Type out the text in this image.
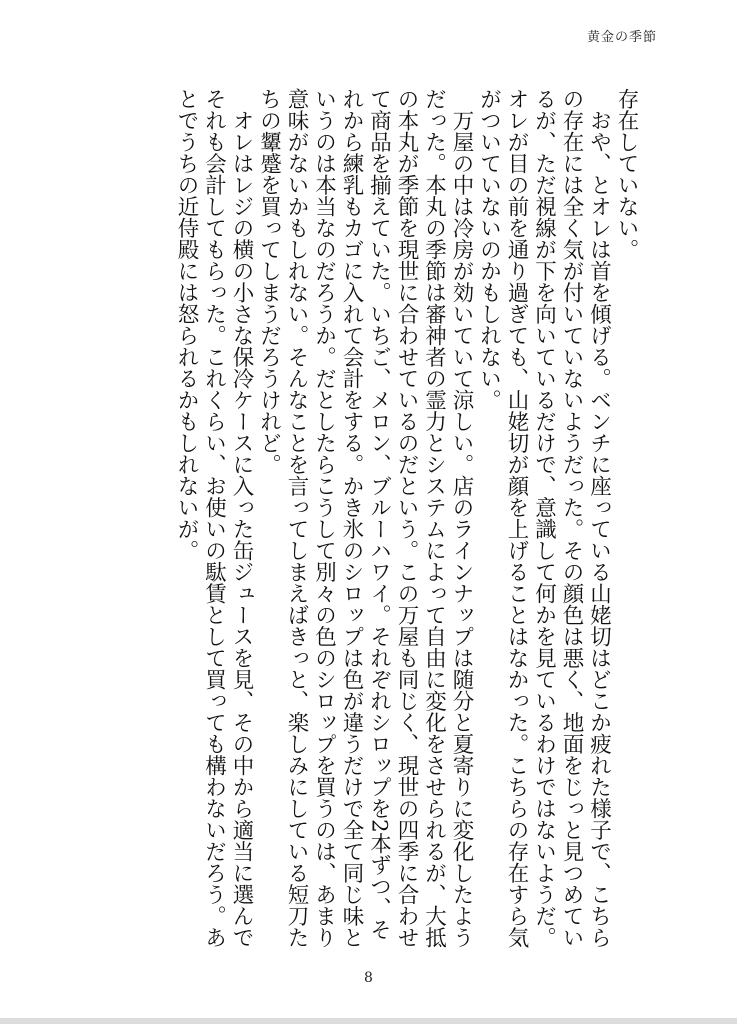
黄金の季節

存在していない。

　おや、とオレは首を傾げる。ベンチに座っている山姥切はどこか疲れた様子で、こちらの存在には全く気が付いていないようだった。その顔色は悪く、地面をじっと見つめているが、ただ視線が下を向いているだけで、意識して何かを見ているわけではないようだ。オレが目の前を通り過ぎても、山姥切が顔を上げることはなかった。こちらの存在すら気がついていないのかもしれない。

　万屋の中は冷房が効いていて涼しい。店のラインナップは随分と夏寄りに変化したようだった。本丸の季節は審神者の霊力とシステムによって自由に変化をさせられるが、大抵の本丸が季節を現世に合わせているのだという。この万屋も同じく、現世の四季に合わせて商品を揃えていた。いちご、メロン、ブルーハワイ。それぞれシロップを2本ずつ、それから練乳もカゴに入れて会計をする。かき氷のシロップは色が違うだけで全て同じ味というのは本当なのだろうか。だとしたらこうして別々の色のシロップを買うのは、あまり意味がないかもしれない。そんなことを言ってしまえばきっと、楽しみにしている短刀たちの顰蹙を買ってしまうだろうけれど。

　オレはレジの横の小さな保冷ケースに入った缶ジュースを見、その中から適当に選んでそれも会計してもらった。これくらい、お使いの駄賃として買っても構わないだろう。あとでうちの近侍殿には怒られるかもしれないが。

8
